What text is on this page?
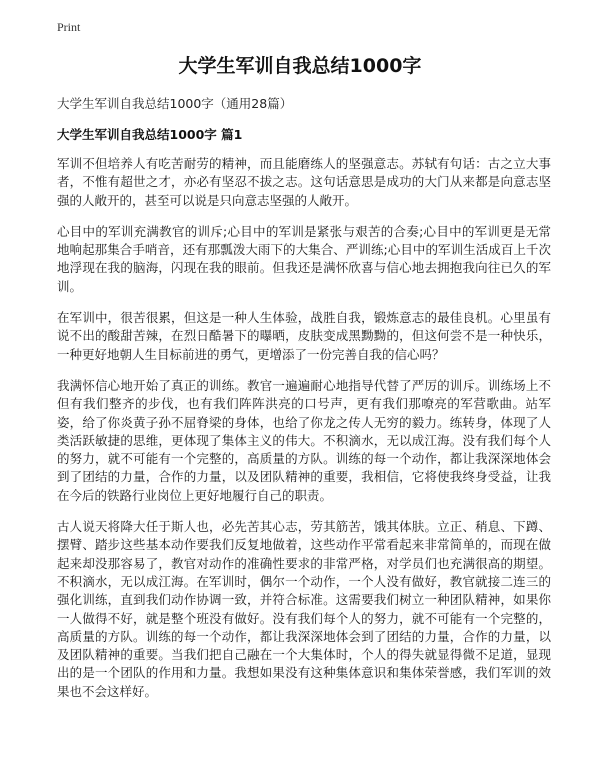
Print
大学生军训自我总结1000字
大学生军训自我总结1000字（通用28篇）
大学生军训自我总结1000字 篇1

军训不但培养人有吃苦耐劳的精神，而且能磨练人的坚强意志。苏轼有句话：古之立大事者，不惟有超世之才，亦必有坚忍不拔之志。这句话意思是成功的大门从来都是向意志坚强的人敞开的，甚至可以说是只向意志坚强的人敞开。

心目中的军训充满教官的训斥;心目中的军训是紧张与艰苦的合奏;心目中的军训更是无常地响起那集合手哨音，还有那瓢泼大雨下的大集合、严训练;心目中的军训生活成百上千次地浮现在我的脑海，闪现在我的眼前。但我还是满怀欣喜与信心地去拥抱我向往已久的军训。

在军训中，很苦很累，但这是一种人生体验，战胜自我，锻炼意志的最佳良机。心里虽有说不出的酸甜苦辣，在烈日酷暑下的曝晒，皮肤变成黑黝黝的，但这何尝不是一种快乐，一种更好地朝人生目标前进的勇气，更增添了一份完善自我的信心吗？

我满怀信心地开始了真正的训练。教官一遍遍耐心地指导代替了严厉的训斥。训练场上不但有我们整齐的步伐，也有我们阵阵洪亮的口号声，更有我们那嘹亮的军营歌曲。站军姿，给了你炎黄子孙不屈脊梁的身体，也给了你龙之传人无穷的毅力。练转身，体现了人类活跃敏捷的思维，更体现了集体主义的伟大。不积滴水，无以成江海。没有我们每个人的努力，就不可能有一个完整的，高质量的方队。训练的每一个动作，都让我深深地体会到了团结的力量，合作的力量，以及团队精神的重要，我相信，它将使我终身受益，让我在今后的铁路行业岗位上更好地履行自己的职责。

古人说天将降大任于斯人也，必先苦其心志，劳其筋苦，饿其体肤。立正、稍息、下蹲、摆臂、踏步这些基本动作要我们反复地做着，这些动作平常看起来非常简单的，而现在做起来却没那容易了，教官对动作的准确性要求的非常严格，对学员们也充满很高的期望。不积滴水，无以成江海。在军训时，偶尔一个动作，一个人没有做好，教官就接二连三的强化训练，直到我们动作协调一致，并符合标准。这需要我们树立一种团队精神，如果你一人做得不好，就是整个班没有做好。没有我们每个人的努力，就不可能有一个完整的，高质量的方队。训练的每一个动作，都让我深深地体会到了团结的力量，合作的力量，以及团队精神的重要。当我们把自己融在一个大集体时，个人的得失就显得微不足道，显现出的是一个团队的作用和力量。我想如果没有这种集体意识和集体荣誉感，我们军训的效果也不会这样好。
